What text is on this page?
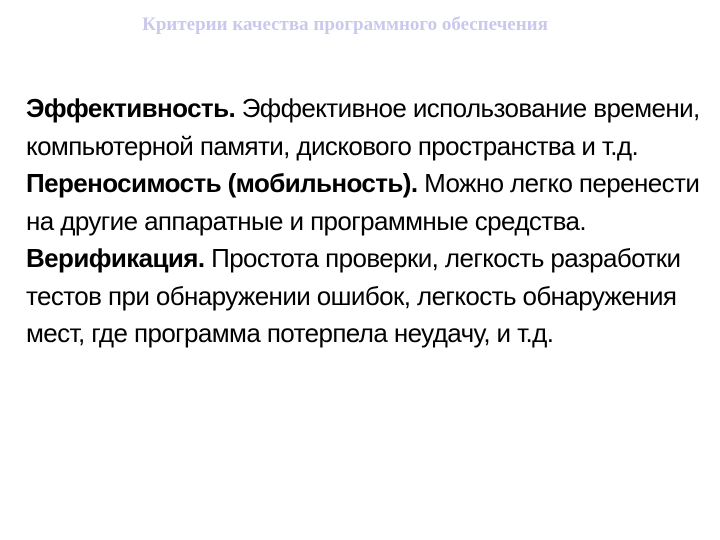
Критерии качества программного обеспечения

Эффективность. Эффективное использование времени, компьютерной памяти, дискового пространства и т.д.

Переносимость (мобильность). Можно легко перенести на другие аппаратные и программные средства.

Верификация. Простота проверки, легкость разработки тестов при обнаружении ошибок, легкость обнаружения мест, где программа потерпела неудачу, и т.д.
